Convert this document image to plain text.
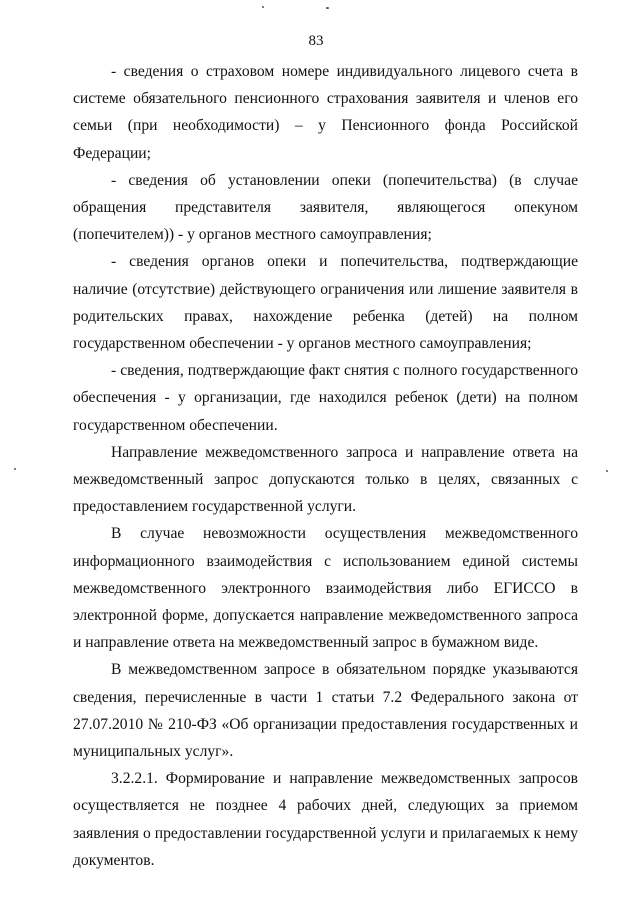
83

- сведения о страховом номере индивидуального лицевого счета в системе обязательного пенсионного страхования заявителя и членов его семьи (при необходимости) – у Пенсионного фонда Российской Федерации;

- сведения об установлении опеки (попечительства) (в случае обращения представителя заявителя, являющегося опекуном (попечителем)) - у органов местного самоуправления;

- сведения органов опеки и попечительства, подтверждающие наличие (отсутствие) действующего ограничения или лишение заявителя в родительских правах, нахождение ребенка (детей) на полном государственном обеспечении - у органов местного самоуправления;

- сведения, подтверждающие факт снятия с полного государственного обеспечения - у организации, где находился ребенок (дети) на полном государственном обеспечении.

Направление межведомственного запроса и направление ответа на межведомственный запрос допускаются только в целях, связанных с предоставлением государственной услуги.

В случае невозможности осуществления межведомственного информационного взаимодействия с использованием единой системы межведомственного электронного взаимодействия либо ЕГИССО в электронной форме, допускается направление межведомственного запроса и направление ответа на межведомственный запрос в бумажном виде.

В межведомственном запросе в обязательном порядке указываются сведения, перечисленные в части 1 статьи 7.2 Федерального закона от 27.07.2010 № 210-ФЗ «Об организации предоставления государственных и муниципальных услуг».

3.2.2.1. Формирование и направление межведомственных запросов осуществляется не позднее 4 рабочих дней, следующих за приемом заявления о предоставлении государственной услуги и прилагаемых к нему документов.
